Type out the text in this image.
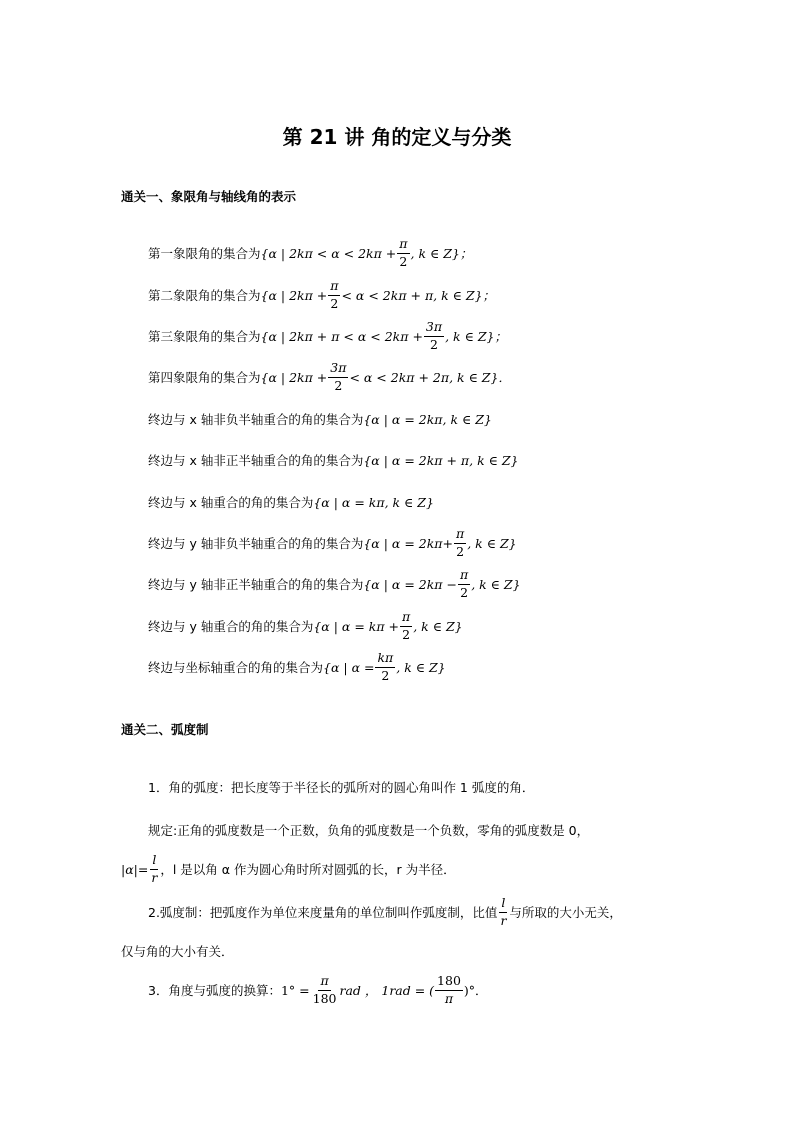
第 21 讲 角的定义与分类
通关一、象限角与轴线角的表示
第一象限角的集合为 {α | $2k\pi < \alpha < 2k\pi + \frac{\pi}{2}$ , k ∈ Z}；
第二象限角的集合为 {α | $2k\pi + \frac{\pi}{2} < \alpha < 2k\pi + \pi$, k ∈ Z}；
第三象限角的集合为 {α | $2k\pi + \pi < \alpha < 2k\pi + \frac{3\pi}{2}$ , k ∈ Z}；
第四象限角的集合为 {α | $2k\pi + \frac{3\pi}{2} < \alpha < 2k\pi + 2\pi$, k ∈ Z}．
终边与 x 轴非负半轴重合的角的集合为 {α | α = 2kπ, k ∈ Z}
终边与 x 轴非正半轴重合的角的集合为 {α | α = 2kπ + π, k ∈ Z}
终边与 x 轴重合的角的集合为 {α | α = kπ, k ∈ Z}
终边与 y 轴非负半轴重合的角的集合为 {α | $\alpha = 2k\pi+ \frac{\pi}{2}$ , k ∈ Z}
终边与 y 轴非正半轴重合的角的集合为 {α | $\alpha = 2k\pi - \frac{\pi}{2}$ , k ∈ Z}
终边与 y 轴重合的角的集合为 {α | $\alpha = k\pi + \frac{\pi}{2}$ , k ∈ Z}
终边与坐标轴重合的角的集合为 {α | $\alpha = \frac{k\pi}{2}$ , k ∈ Z}
通关二、弧度制
1．角的弧度：把长度等于半径长的弧所对的圆心角叫作 1 弧度的角．
规定:正角的弧度数是一个正数，负角的弧度数是一个负数，零角的弧度数是 0，
$|\alpha|= \frac{l}{r}$ ，l 是以角 α 作为圆心角时所对圆弧的长，r 为半径．
2.弧度制：把弧度作为单位来度量角的单位制叫作弧度制，比值 $\frac{l}{r}$ 与所取的大小无关，
仅与角的大小有关．
3．角度与弧度的换算： $1^\circ = \frac{\pi}{180}$ rad ， 1rad = ( $\frac{180}{\pi}$ )°．
